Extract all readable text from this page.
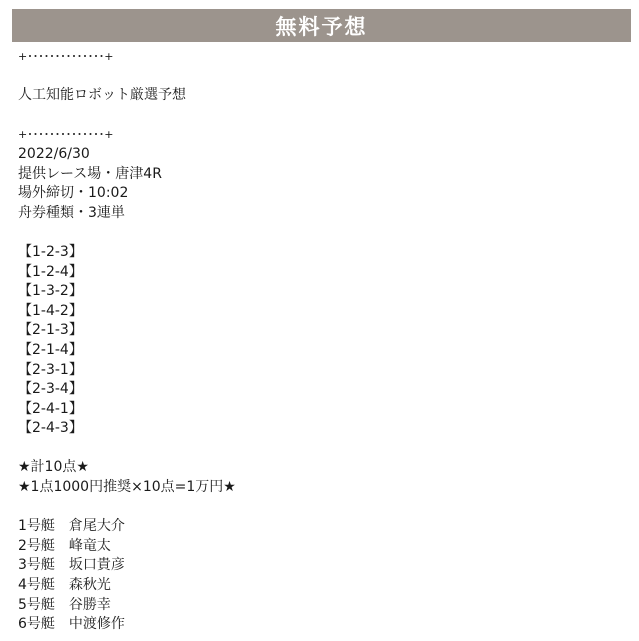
無料予想
+･･････････････+
人工知能ロボット厳選予想
+･･････････････+
2022/6/30
提供レース場・唐津4R
場外締切・10:02
舟券種類・3連単
【1-2-3】
【1-2-4】
【1-3-2】
【1-4-2】
【2-1-3】
【2-1-4】
【2-3-1】
【2-3-4】
【2-4-1】
【2-4-3】
★計10点★
★1点1000円推奨×10点=1万円★
1号艇　倉尾大介
2号艇　峰竜太
3号艇　坂口貴彦
4号艇　森秋光
5号艇　谷勝幸
6号艇　中渡修作
